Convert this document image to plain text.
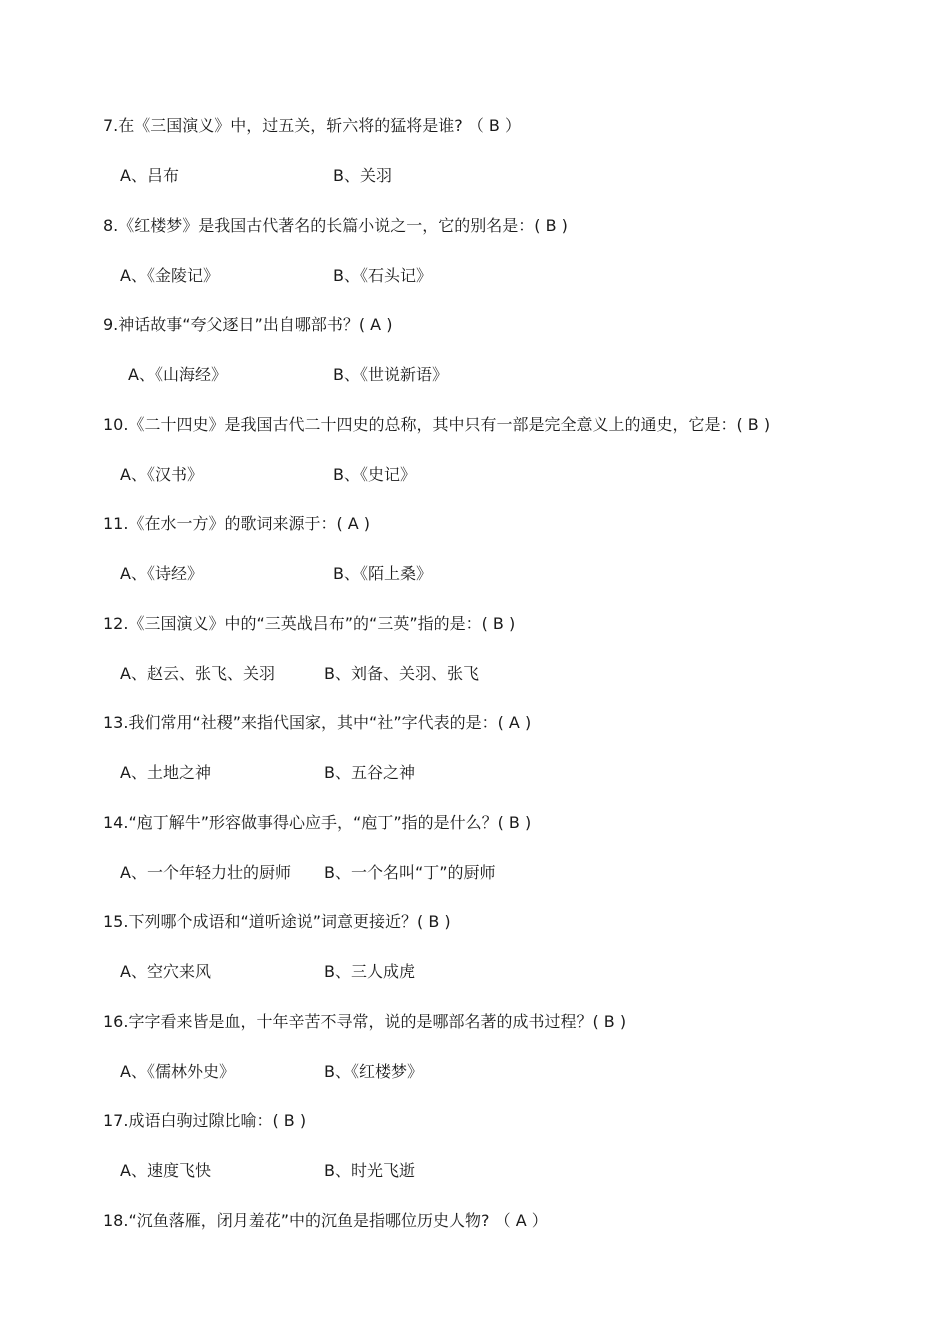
7.在《三国演义》中，过五关，斩六将的猛将是谁? （ B ）
A、吕布	B、关羽
8.《红楼梦》是我国古代著名的长篇小说之一，它的别名是：( B )
A、《金陵记》	B、《石头记》
9.神话故事“夸父逐日”出自哪部书？( A )
A、《山海经》	B、《世说新语》
10.《二十四史》是我国古代二十四史的总称，其中只有一部是完全意义上的通史，它是：( B )
A、《汉书》	B、《史记》
11.《在水一方》的歌词来源于：( A )
A、《诗经》	B、《陌上桑》
12.《三国演义》中的“三英战吕布”的“三英”指的是：( B )
A、赵云、张飞、关羽	B、刘备、关羽、张飞
13.我们常用“社稷”来指代国家，其中“社”字代表的是：( A )
A、土地之神	B、五谷之神
14.“庖丁解牛”形容做事得心应手，“庖丁”指的是什么？( B )
A、一个年轻力壮的厨师 B、一个名叫“丁”的厨师
15.下列哪个成语和“道听途说”词意更接近？( B )
A、空穴来风	B、三人成虎
16.字字看来皆是血，十年辛苦不寻常，说的是哪部名著的成书过程？( B )
A、《儒林外史》	B、《红楼梦》
17.成语白驹过隙比喻：( B )
A、速度飞快	B、时光飞逝
18.“沉鱼落雁，闭月羞花”中的沉鱼是指哪位历史人物? （ A ）
